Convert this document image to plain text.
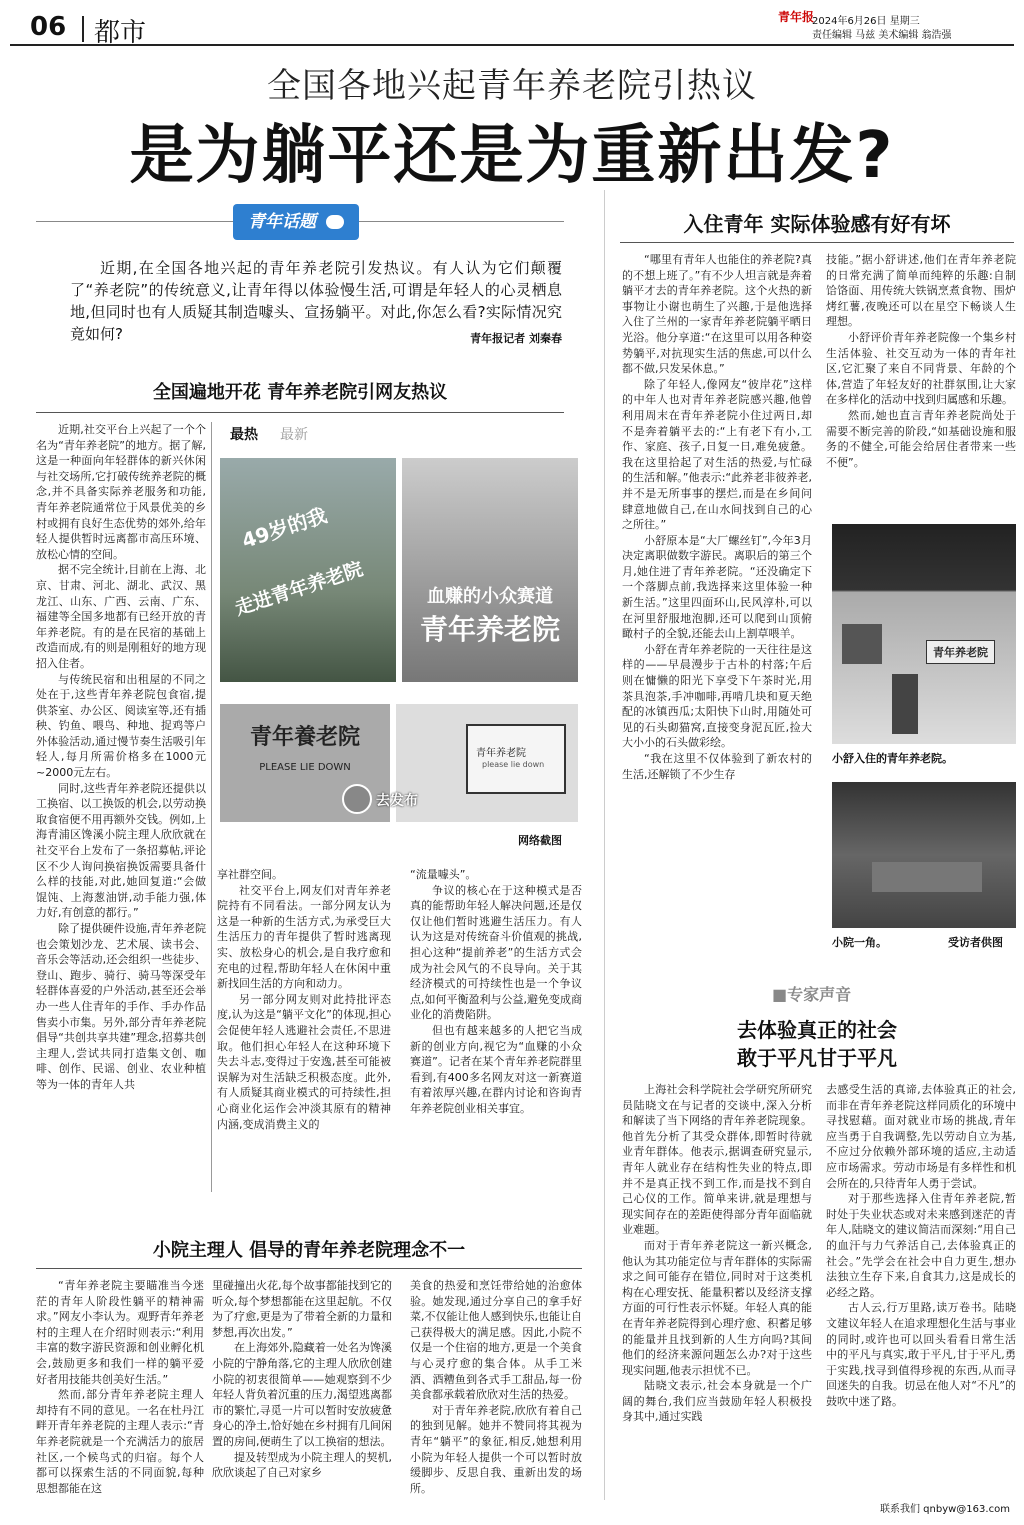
06 都市
青年报
2024年6月26日 星期三
责任编辑 马兹 美术编辑 翁浩强
全国各地兴起青年养老院引热议
是为躺平还是为重新出发?
青年话题
近期,在全国各地兴起的青年养老院引发热议。有人认为它们颠覆了“养老院”的传统意义,让青年得以体验慢生活,可谓是年轻人的心灵栖息地,但同时也有人质疑其制造噱头、宣扬躺平。对此,你怎么看?实际情况究竟如何?	青年报记者 刘秦春
全国遍地开花 青年养老院引网友热议

近期,社交平台上兴起了一个个名为“青年养老院”的地方。据了解,这是一种面向年轻群体的新兴休闲与社交场所,它打破传统养老院的概念,并不具备实际养老服务和功能,青年养老院通常位于风景优美的乡村或拥有良好生态优势的郊外,给年轻人提供暂时远离都市高压环境、放松心情的空间。

据不完全统计,目前在上海、北京、甘肃、河北、湖北、武汉、黑龙江、山东、广西、云南、广东、福建等全国多地都有已经开放的青年养老院。有的是在民宿的基础上改造而成,有的则是刚租好的地方现招入住者。

与传统民宿和出租屋的不同之处在于,这些青年养老院包食宿,提供茶室、办公区、阅读室等,还有插秧、钓鱼、喂鸟、种地、捉鸡等户外体验活动,通过慢节奏生活吸引年轻人,每月所需价格多在1000元~2000元左右。

同时,这些青年养老院还提供以工换宿、以工换饭的机会,以劳动换取食宿便不用再额外交钱。例如,上海青浦区馋溪小院主理人欣欣就在社交平台上发布了一条招募帖,评论区不少人询问换宿换饭需要具备什么样的技能,对此,她回复道:“会做馄饨、上海葱油饼,动手能力强,体力好,有创意的都行。”

除了提供硬件设施,青年养老院也会策划沙龙、艺术展、读书会、音乐会等活动,还会组织一些徒步、登山、跑步、骑行、骑马等深受年轻群体喜爱的户外活动,甚至还会举办一些人住青年的手作、手办作品售卖小市集。另外,部分青年养老院倡导“共创共享共建”理念,招募共创主理人,尝试共同打造集文创、咖啡、创作、民谣、创业、农业种植等为一体的青年人共

最热 最新
49岁的我
走进青年养老院	血赚的小众赛道
青年养老院
青年養老院
PLEASE LIE DOWN
青年养老院
please lie down
去发布
网络截图

享社群空间。

社交平台上,网友们对青年养老院持有不同看法。一部分网友认为这是一种新的生活方式,为承受巨大生活压力的青年提供了暂时逃离现实、放松身心的机会,是自我疗愈和充电的过程,帮助年轻人在休闲中重新找回生活的方向和动力。

另一部分网友则对此持批评态度,认为这是“躺平文化”的体现,担心会促使年轻人逃避社会责任,不思进取。他们担心年轻人在这种环境下失去斗志,变得过于安逸,甚至可能被误解为对生活缺乏积极态度。此外,有人质疑其商业模式的可持续性,担心商业化运作会冲淡其原有的精神内涵,变成消费主义的

“流量噱头”。

争议的核心在于这种模式是否真的能帮助年轻人解决问题,还是仅仅让他们暂时逃避生活压力。有人认为这是对传统奋斗价值观的挑战,担心这种“提前养老”的生活方式会成为社会风气的不良导向。关于其经济模式的可持续性也是一个争议点,如何平衡盈利与公益,避免变成商业化的消费陷阱。

但也有越来越多的人把它当成新的创业方向,视它为“血赚的小众赛道”。记者在某个青年养老院群里看到,有400多名网友对这一新赛道有着浓厚兴趣,在群内讨论和咨询青年养老院创业相关事宜。

小院主理人 倡导的青年养老院理念不一

“青年养老院主要瞄准当今迷茫的青年人阶段性躺平的精神需求。”网友小李认为。观野青年养老村的主理人在介绍时则表示:“利用丰富的数字游民资源和创业孵化机会,鼓励更多和我们一样的躺平爱好者用技能共创美好生活。”

然而,部分青年养老院主理人却持有不同的意见。一名在杜丹江畔开青年养老院的主理人表示:“青年养老院就是一个充满活力的旅居社区,一个候鸟式的归宿。每个人都可以探索生活的不同面貌,每种思想都能在这

里碰撞出火花,每个故事都能找到它的听众,每个梦想都能在这里起航。不仅为了疗愈,更是为了带着全新的力量和梦想,再次出发。”

在上海郊外,隐藏着一处名为馋溪小院的宁静角落,它的主理人欣欣创建小院的初衷很简单——她观察到不少年轻人背负着沉重的压力,渴望逃离都市的繁忙,寻觅一片可以暂时安放疲惫身心的净土,恰好她在乡村拥有几间闲置的房间,便萌生了以工换宿的想法。

提及转型成为小院主理人的契机,欣欣谈起了自己对家乡

美食的热爱和烹饪带给她的治愈体验。她发现,通过分享自己的拿手好菜,不仅能让他人感到快乐,也能让自己获得极大的满足感。因此,小院不仅是一个住宿的地方,更是一个美食与心灵疗愈的集合体。从手工米酒、酒糟鱼到各式手工甜品,每一份美食都承载着欣欣对生活的热爱。

对于青年养老院,欣欣有着自己的独到见解。她并不赞同将其视为青年“躺平”的象征,相反,她想利用小院为年轻人提供一个可以暂时放缓脚步、反思自我、重新出发的场所。

入住青年 实际体验感有好有坏

“哪里有青年人也能住的养老院?真的不想上班了。”有不少人坦言就是奔着躺平才去的青年养老院。这个火热的新事物让小谢也萌生了兴趣,于是他选择入住了兰州的一家青年养老院躺平晒日光浴。他分享道:“在这里可以用各种姿势躺平,对抗现实生活的焦虑,可以什么都不做,只发呆休息。”

除了年轻人,像网友“彼岸花”这样的中年人也对青年养老院感兴趣,他曾利用周末在青年养老院小住过两日,却不是奔着躺平去的:“上有老下有小,工作、家庭、孩子,日复一日,难免疲惫。我在这里拾起了对生活的热爱,与忙碌的生活和解。”他表示:“此养老非彼养老,并不是无所事事的摆烂,而是在乡间问肆意地做自己,在山水间找到自己的心之所往。”

小舒原本是“大厂螺丝钉”,今年3月决定离职做数字游民。离职后的第三个月,她住进了青年养老院。“还没确定下一个落脚点前,我选择来这里体验一种新生活。”这里四面环山,民风淳朴,可以在河里舒服地泡脚,还可以爬到山顶俯瞰村子的全貌,还能去山上割草喂羊。

小舒在青年养老院的一天往往是这样的——早晨漫步于古朴的村落;午后则在慵懒的阳光下享受下午茶时光,用茶具泡茶,手冲咖啡,再啃几块和夏天绝配的冰镇西瓜;太阳快下山时,用随处可见的石头砌猫窝,直接变身泥瓦匠,捡大大小小的石头做彩绘。

“我在这里不仅体验到了新农村的生活,还解锁了不少生存

技能。”据小舒讲述,他们在青年养老院的日常充满了简单而纯粹的乐趣:自制饸饹面、用传统大铁锅烹煮食物、围炉烤红薯,夜晚还可以在星空下畅谈人生理想。

小舒评价青年养老院像一个集乡村生活体验、社交互动为一体的青年社区,它汇聚了来自不同背景、年龄的个体,营造了年轻友好的社群氛围,让大家在多样化的活动中找到归属感和乐趣。

然而,她也直言青年养老院尚处于需要不断完善的阶段,“如基础设施和服务的不健全,可能会给居住者带来一些不便”。

青年养老院
小舒入住的青年养老院。
小院一角。	受访者供图
■专家声音
去体验真正的社会
敢于平凡甘于平凡

上海社会科学院社会学研究所研究员陆晓文在与记者的交谈中,深入分析和解读了当下网络的青年养老院现象。他首先分析了其受众群体,即暂时待就业青年群体。他表示,据调查研究显示,青年人就业存在结构性失业的特点,即并不是真正找不到工作,而是找不到自己心仪的工作。简单来讲,就是理想与现实间存在的差距使得部分青年面临就业难题。

而对于青年养老院这一新兴概念,他认为其功能定位与青年群体的实际需求之间可能存在错位,同时对于这类机构在心理安抚、能量积蓄以及经济支撑方面的可行性表示怀疑。年轻人真的能在青年养老院得到心理疗愈、积蓄足够的能量并且找到新的人生方向吗?其间他们的经济来源问题怎么办?对于这些现实问题,他表示担忧不已。

陆晓文表示,社会本身就是一个广阔的舞台,我们应当鼓励年轻人积极投身其中,通过实践

去感受生活的真谛,去体验真正的社会,而非在青年养老院这样同质化的环境中寻找慰藉。面对就业市场的挑战,青年应当勇于自我调整,先以劳动自立为基,不应过分依赖外部环境的适应,主动适应市场需求。劳动市场是有多样性和机会所在的,只待青年人勇于尝试。

对于那些选择入住青年养老院,暂时处于失业状态或对未来感到迷茫的青年人,陆晓文的建议简洁而深刻:“用自己的血汗与力气养活自己,去体验真正的社会。”先学会在社会中自力更生,想办法独立生存下来,自食其力,这是成长的必经之路。

古人云,行万里路,读万卷书。陆晓文建议年轻人在追求理想化生活与事业的同时,或许也可以回头看看日常生活中的平凡与真实,敢于平凡,甘于平凡,勇于实践,找寻到值得珍视的东西,从而寻回迷失的自我。切忌在他人对“不凡”的鼓吹中迷了路。

联系我们 qnbyw@163.com
